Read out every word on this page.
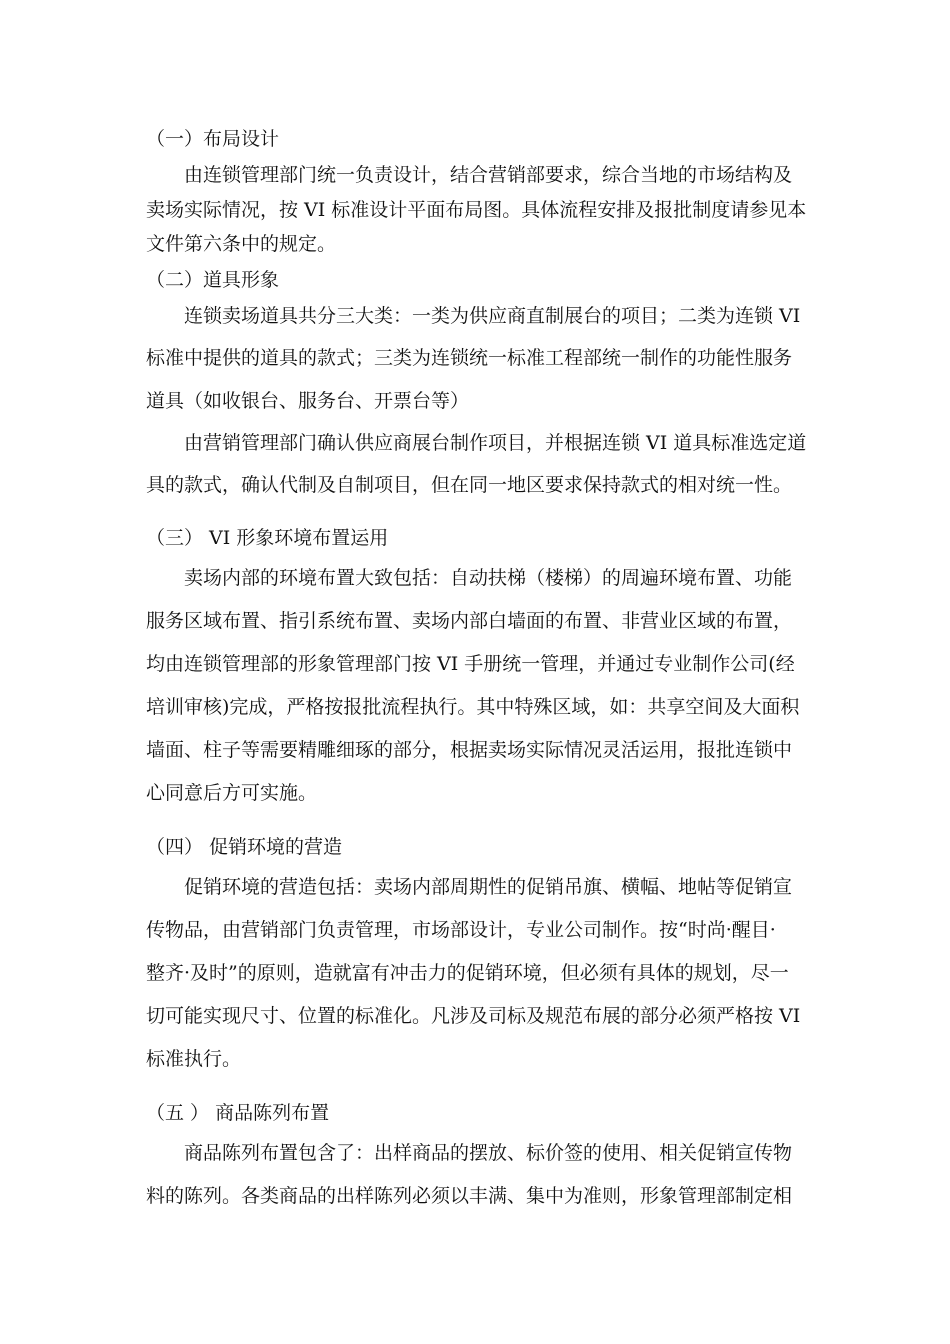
（一）布局设计
由连锁管理部门统一负责设计，结合营销部要求，综合当地的市场结构及
卖场实际情况，按 VI 标准设计平面布局图。具体流程安排及报批制度请参见本
文件第六条中的规定。
（二）道具形象
连锁卖场道具共分三大类：一类为供应商直制展台的项目；二类为连锁 VI
标准中提供的道具的款式；三类为连锁统一标准工程部统一制作的功能性服务
道具（如收银台、服务台、开票台等）
由营销管理部门确认供应商展台制作项目，并根据连锁 VI 道具标准选定道
具的款式，确认代制及自制项目，但在同一地区要求保持款式的相对统一性。
（三） VI 形象环境布置运用
卖场内部的环境布置大致包括：自动扶梯（楼梯）的周遍环境布置、功能
服务区域布置、指引系统布置、卖场内部白墙面的布置、非营业区域的布置，
均由连锁管理部的形象管理部门按 VI 手册统一管理，并通过专业制作公司(经
培训审核)完成，严格按报批流程执行。其中特殊区域，如：共享空间及大面积
墙面、柱子等需要精雕细琢的部分，根据卖场实际情况灵活运用，报批连锁中
心同意后方可实施。
（四） 促销环境的营造
促销环境的营造包括：卖场内部周期性的促销吊旗、横幅、地帖等促销宣
传物品，由营销部门负责管理，市场部设计，专业公司制作。按“时尚·醒目·
整齐·及时”的原则，造就富有冲击力的促销环境，但必须有具体的规划，尽一
切可能实现尺寸、位置的标准化。凡涉及司标及规范布展的部分必须严格按 VI
标准执行。
（五 ） 商品陈列布置
商品陈列布置包含了：出样商品的摆放、标价签的使用、相关促销宣传物
料的陈列。各类商品的出样陈列必须以丰满、集中为准则，形象管理部制定相
